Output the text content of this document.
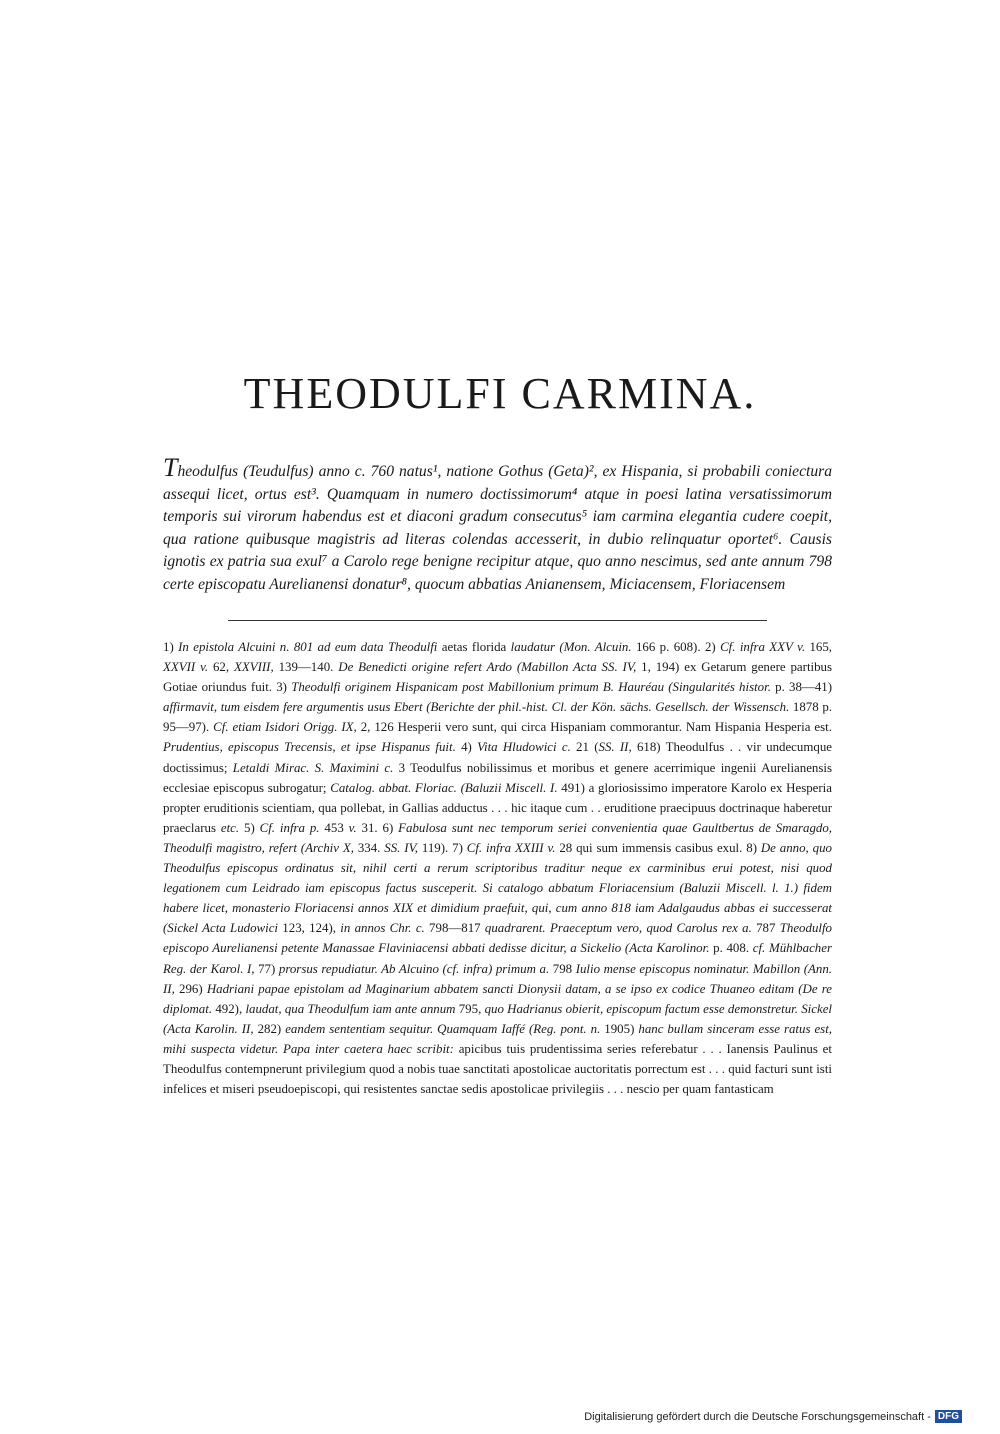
THEODULFI CARMINA.
Theodulfus (Teudulfus) anno c. 760 natus¹, natione Gothus (Geta)², ex Hispania, si probabili coniectura assequi licet, ortus est³. Quamquam in numero doctissimorum⁴ atque in poesi latina versatissimorum temporis sui virorum habendus est et diaconi gradum consecutus⁵ iam carmina elegantia cudere coepit, qua ratione quibusque magistris ad literas colendas accesserit, in dubio relinquatur oportet⁶. Causis ignotis ex patria sua exul⁷ a Carolo rege benigne recipitur atque, quo anno nescimus, sed ante annum 798 certe episcopatu Aurelianensi donatur⁸, quocum abbatias Anianensem, Miciacensem, Floriacensem
1) In epistola Alcuini n. 801 ad eum data Theodulfi aetas florida laudatur (Mon. Alcuin. 166 p. 608). 2) Cf. infra XXV v. 165, XXVII v. 62, XXVIII, 139—140. De Benedicti origine refert Ardo (Mabillon Acta SS. IV, 1, 194) ex Getarum genere partibus Gotiae oriundus fuit. 3) Theodulfi originem Hispanicam post Mabillonium primum B. Hauréau (Singularités histor. p. 38—41) affirmavit, tum eisdem fere argumentis usus Ebert (Berichte der phil.-hist. Cl. der Kön. sächs. Gesellsch. der Wissensch. 1878 p. 95—97). Cf. etiam Isidori Origg. IX, 2, 126 Hesperii vero sunt, qui circa Hispaniam commorantur. Nam Hispania Hesperia est. Prudentius, episcopus Trecensis, et ipse Hispanus fuit. 4) Vita Hludowici c. 21 (SS. II, 618) Theodulfus . . vir undecumque doctissimus; Letaldi Mirac. S. Maximini c. 3 Teodulfus nobilissimus et moribus et genere acerrimique ingenii Aurelianensis ecclesiae episcopus subrogatur; Catalog. abbat. Floriac. (Baluzii Miscell. I. 491) a gloriosissimo imperatore Karolo ex Hesperia propter eruditionis scientiam, qua pollebat, in Gallias adductus . . . hic itaque cum . . eruditione praecipuus doctrinaque haberetur praeclarus etc. 5) Cf. infra p. 453 v. 31. 6) Fabulosa sunt nec temporum seriei convenientia quae Gaultbertus de Smaragdo, Theodulfi magistro, refert (Archiv X, 334. SS. IV, 119). 7) Cf. infra XXIII v. 28 qui sum immensis casibus exul. 8) De anno, quo Theodulfus episcopus ordinatus sit, nihil certi a rerum scriptoribus traditur neque ex carminibus erui potest, nisi quod legationem cum Leidrado iam episcopus factus susceperit. Si catalogo abbatum Floriacensium (Baluzii Miscell. l. 1.) fidem habere licet, monasterio Floriacensi annos XIX et dimidium praefuit, qui, cum anno 818 iam Adalgaudus abbas ei successerat (Sickel Acta Ludowici 123, 124), in annos Chr. c. 798—817 quadrarent. Praeceptum vero, quod Carolus rex a. 787 Theodulfo episcopo Aurelianensi petente Manassae Flaviniacensi abbati dedisse dicitur, a Sickelio (Acta Karolinor. p. 408. cf. Mühlbacher Reg. der Karol. I, 77) prorsus repudiatur. Ab Alcuino (cf. infra) primum a. 798 Iulio mense episcopus nominatur. Mabillon (Ann. II, 296) Hadriani papae epistolam ad Maginarium abbatem sancti Dionysii datam, a se ipso ex codice Thuaneo editam (De re diplomat. 492), laudat, qua Theodulfum iam ante annum 795, quo Hadrianus obierit, episcopum factum esse demonstretur. Sickel (Acta Karolin. II, 282) eandem sententiam sequitur. Quamquam Iaffé (Reg. pont. n. 1905) hanc bullam sinceram esse ratus est, mihi suspecta videtur. Papa inter caetera haec scribit: apicibus tuis prudentissima series referebatur . . . Ianensis Paulinus et Theodulfus contempnerunt privilegium quod a nobis tuae sanctitati apostolicae auctoritatis porrectum est . . . quid facturi sunt isti infelices et miseri pseudoepiscopi, qui resistentes sanctae sedis apostolicae privilegiis . . . nescio per quam fantasticam
Digitalisierung gefördert durch die Deutsche Forschungsgemeinschaft - DFG
